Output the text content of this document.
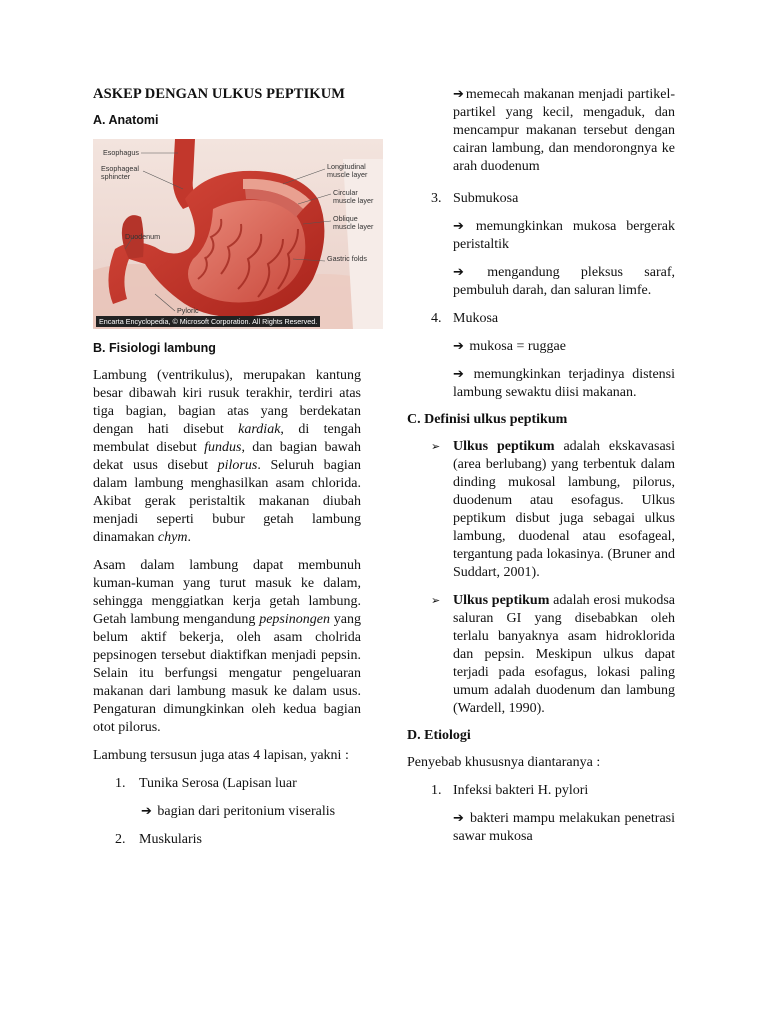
ASKEP DENGAN ULKUS PEPTIKUM
A. Anatomi
Esophagus
Esophageal sphincter
Duodenum
Pyloric
Longitudinal muscle layer
Circular muscle layer
Oblique muscle layer
Gastric folds
Encarta Encyclopedia, © Microsoft Corporation. All Rights Reserved.
B. Fisiologi lambung

Lambung (ventrikulus), merupakan kantung besar dibawah kiri rusuk terakhir, terdiri atas tiga bagian, bagian atas yang berdekatan dengan hati disebut kardiak, di tengah membulat disebut fundus, dan bagian bawah dekat usus disebut pilorus. Seluruh bagian dalam lambung menghasilkan asam chlorida. Akibat gerak peristaltik makanan diubah menjadi seperti bubur getah lambung dinamakan chym.

Asam dalam lambung dapat membunuh kuman-kuman yang turut masuk ke dalam, sehingga menggiatkan kerja getah lambung. Getah lambung mengandung pepsinongen yang belum aktif bekerja, oleh asam cholrida pepsinogen tersebut diaktifkan menjadi pepsin. Selain itu berfungsi mengatur pengeluaran makanan dari lambung masuk ke dalam usus. Pengaturan dimungkinkan oleh kedua bagian otot pilorus.

Lambung tersusun juga atas 4 lapisan, yakni :

1. Tunika Serosa (Lapisan luar

➔ bagian dari peritonium viseralis

2. Muskularis

➔ memecah makanan menjadi partikel-partikel yang kecil, mengaduk, dan mencampur makanan tersebut dengan cairan lambung, dan mendorongnya ke arah duodenum

3. Submukosa

➔ memungkinkan mukosa bergerak peristaltik

➔ mengandung pleksus saraf, pembuluh darah, dan saluran limfe.

4. Mukosa

➔ mukosa = ruggae

➔ memungkinkan terjadinya distensi lambung sewaktu diisi makanan.

C. Definisi ulkus peptikum
➢ Ulkus peptikum adalah ekskavasasi (area berlubang) yang terbentuk dalam dinding mukosal lambung, pilorus, duodenum atau esofagus. Ulkus peptikum disbut juga sebagai ulkus lambung, duodenal atau esofageal, tergantung pada lokasinya. (Bruner and Suddart, 2001).
➢ Ulkus peptikum adalah erosi mukodsa saluran GI yang disebabkan oleh terlalu banyaknya asam hidroklorida dan pepsin. Meskipun ulkus dapat terjadi pada esofagus, lokasi paling umum adalah duodenum dan lambung (Wardell, 1990).
D. Etiologi

Penyebab khususnya diantaranya :

1. Infeksi bakteri H. pylori

➔ bakteri mampu melakukan penetrasi sawar mukosa
